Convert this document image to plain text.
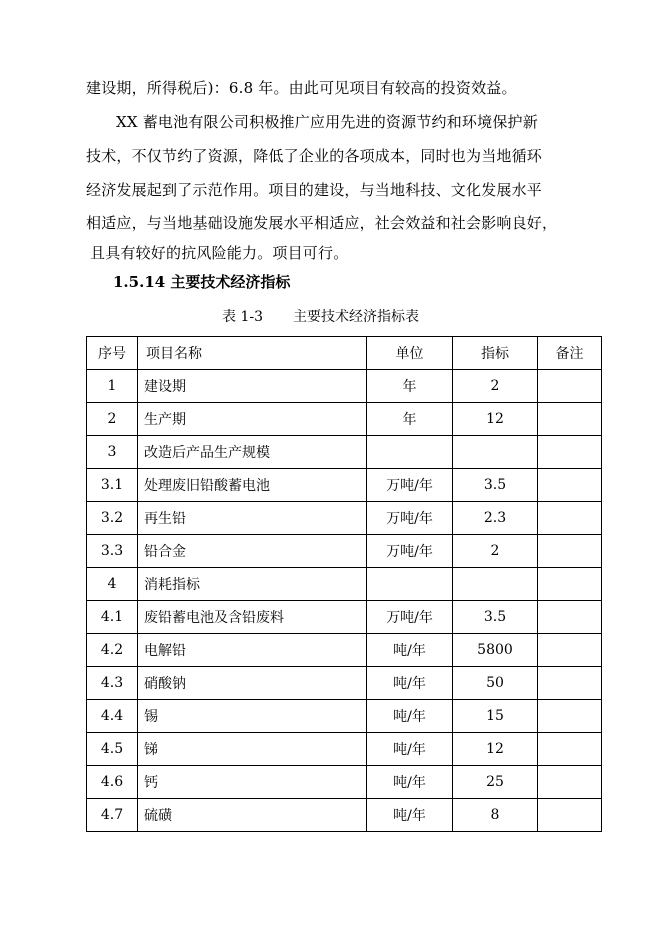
建设期，所得税后)：6.8 年。由此可见项目有较高的投资效益。
XX 蓄电池有限公司积极推广应用先进的资源节约和环境保护新
技术，不仅节约了资源，降低了企业的各项成本，同时也为当地循环
经济发展起到了示范作用。项目的建设，与当地科技、文化发展水平
相适应，与当地基础设施发展水平相适应，社会效益和社会影响良好，
且具有较好的抗风险能力。项目可行。
1.5.14 主要技术经济指标
表 1-3 主要技术经济指标表
序号	项目名称	单位	指标	备注
1	建设期	年	2	
2	生产期	年	12	
3	改造后产品生产规模			
3.1	处理废旧铅酸蓄电池	万吨/年	3.5	
3.2	再生铅	万吨/年	2.3	
3.3	铅合金	万吨/年	2	
4	消耗指标			
4.1	废铅蓄电池及含铅废料	万吨/年	3.5	
4.2	电解铅	吨/年	5800	
4.3	硝酸钠	吨/年	50	
4.4	锡	吨/年	15	
4.5	锑	吨/年	12	
4.6	钙	吨/年	25	
4.7	硫磺	吨/年	8	
